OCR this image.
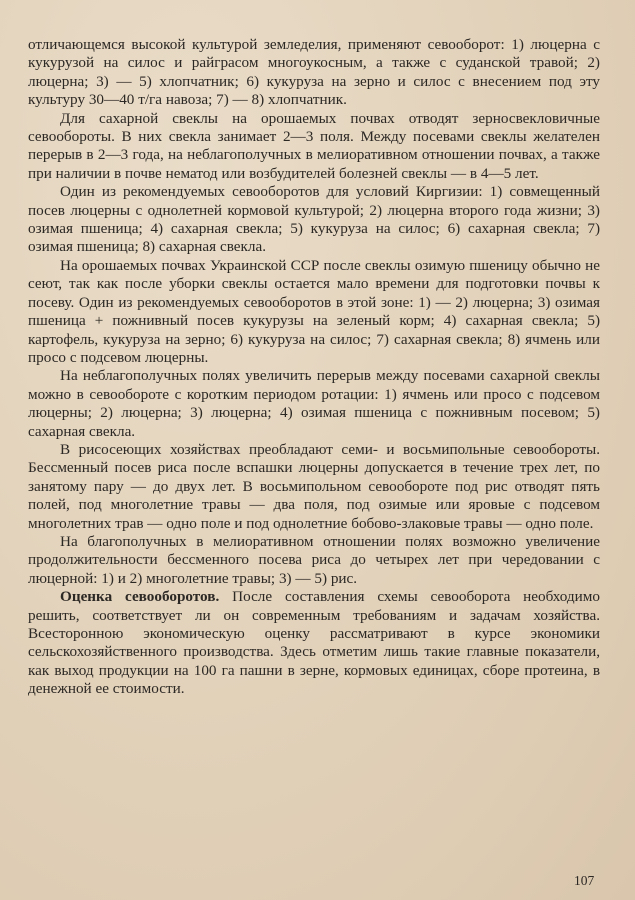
отличающемся высокой культурой земледелия, применяют севооборот: 1) люцерна с кукурузой на силос и райграсом многоукосным, а также с суданской травой; 2) люцерна; 3) — 5) хлопчатник; 6) кукуруза на зерно и силос с внесением под эту культуру 30—40 т/га навоза; 7) — 8) хлопчатник.

Для сахарной свеклы на орошаемых почвах отводят зерносвекловичные севообороты. В них свекла занимает 2—3 поля. Между посевами свеклы желателен перерыв в 2—3 года, на неблагополучных в мелиоративном отношении почвах, а также при наличии в почве нематод или возбудителей болезней свеклы — в 4—5 лет.

Один из рекомендуемых севооборотов для условий Киргизии: 1) совмещенный посев люцерны с однолетней кормовой культурой; 2) люцерна второго года жизни; 3) озимая пшеница; 4) сахарная свекла; 5) кукуруза на силос; 6) сахарная свекла; 7) озимая пшеница; 8) сахарная свекла.

На орошаемых почвах Украинской ССР после свеклы озимую пшеницу обычно не сеют, так как после уборки свеклы остается мало времени для подготовки почвы к посеву. Один из рекомендуемых севооборотов в этой зоне: 1) — 2) люцерна; 3) озимая пшеница + пожнивный посев кукурузы на зеленый корм; 4) сахарная свекла; 5) картофель, кукуруза на зерно; 6) кукуруза на силос; 7) сахарная свекла; 8) ячмень или просо с подсевом люцерны.

На неблагополучных полях увеличить перерыв между посевами сахарной свеклы можно в севообороте с коротким периодом ротации: 1) ячмень или просо с подсевом люцерны; 2) люцерна; 3) люцерна; 4) озимая пшеница с пожнивным посевом; 5) сахарная свекла.

В рисосеющих хозяйствах преобладают семи- и восьмипольные севообороты. Бессменный посев риса после вспашки люцерны допускается в течение трех лет, по занятому пару — до двух лет. В восьмипольном севообороте под рис отводят пять полей, под многолетние травы — два поля, под озимые или яровые с подсевом многолетних трав — одно поле и под однолетние бобово-злаковые травы — одно поле.

На благополучных в мелиоративном отношении полях возможно увеличение продолжительности бессменного посева риса до четырех лет при чередовании с люцерной: 1) и 2) многолетние травы; 3) — 5) рис.

Оценка севооборотов. После составления схемы севооборота необходимо решить, соответствует ли он современным требованиям и задачам хозяйства. Всесторонною экономическую оценку рассматривают в курсе экономики сельскохозяйственного производства. Здесь отметим лишь такие главные показатели, как выход продукции на 100 га пашни в зерне, кормовых единицах, сборе протеина, в денежной ее стоимости.

107
